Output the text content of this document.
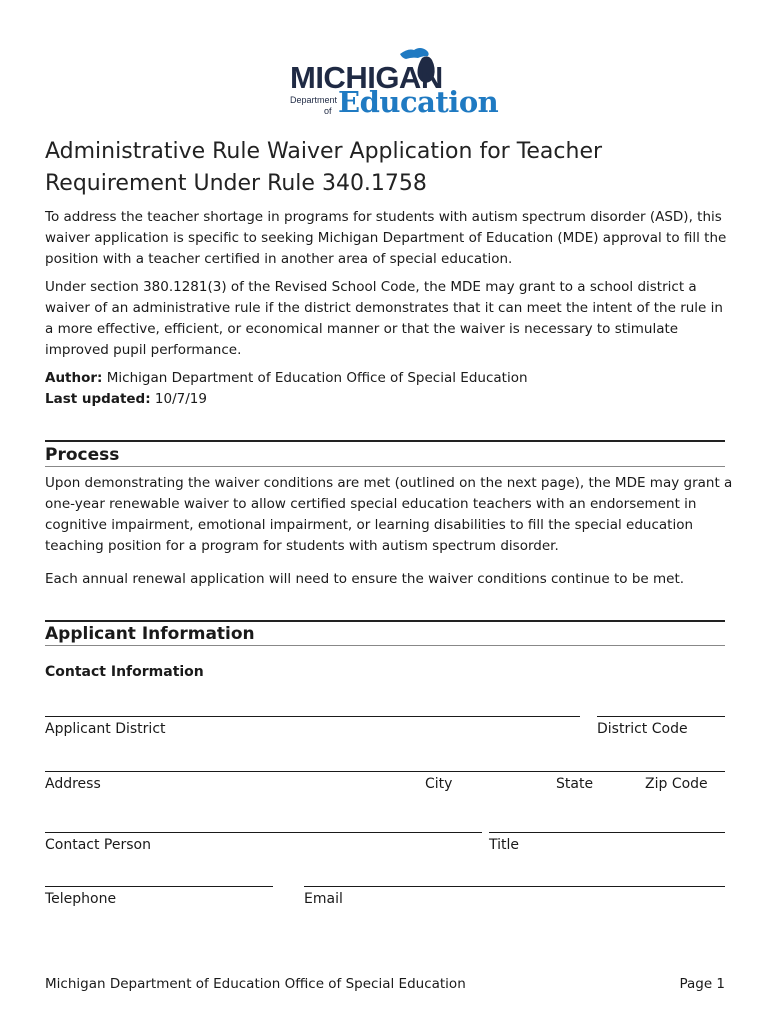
MICHIGAN
Department
of Education
Administrative Rule Waiver Application for Teacher Requirement Under Rule 340.1758

To address the teacher shortage in programs for students with autism spectrum disorder (ASD), this waiver application is specific to seeking Michigan Department of Education (MDE) approval to fill the position with a teacher certified in another area of special education.

Under section 380.1281(3) of the Revised School Code, the MDE may grant to a school district a waiver of an administrative rule if the district demonstrates that it can meet the intent of the rule in a more effective, efficient, or economical manner or that the waiver is necessary to stimulate improved pupil performance.

Author: Michigan Department of Education Office of Special Education

Last updated: 10/7/19

Process

Upon demonstrating the waiver conditions are met (outlined on the next page), the MDE may grant a one-year renewable waiver to allow certified special education teachers with an endorsement in cognitive impairment, emotional impairment, or learning disabilities to fill the special education teaching position for a program for students with autism spectrum disorder.

Each annual renewal application will need to ensure the waiver conditions continue to be met.

Applicant Information
Contact Information
Applicant District	District Code
Address	City	State	Zip Code
Contact Person	Title
Telephone	Email
Michigan Department of Education Office of Special Education	Page 1
